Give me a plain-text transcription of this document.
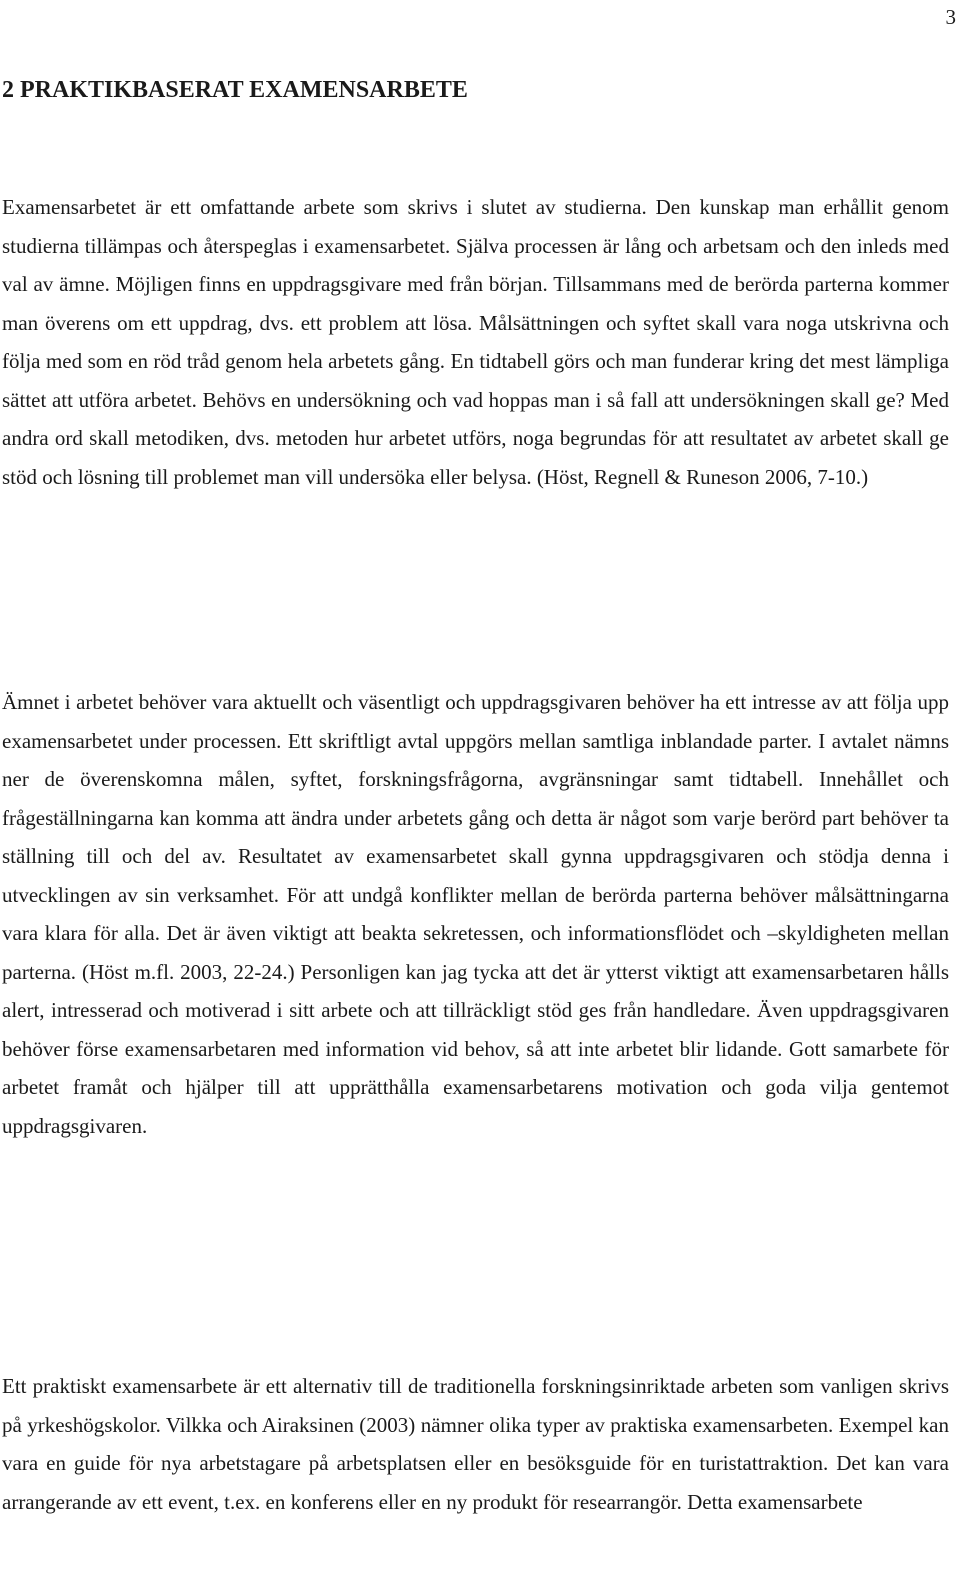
3
2 PRAKTIKBASERAT EXAMENSARBETE

Examensarbetet är ett omfattande arbete som skrivs i slutet av studierna. Den kunskap man erhållit genom studierna tillämpas och återspeglas i examensarbetet. Själva processen är lång och arbetsam och den inleds med val av ämne. Möjligen finns en uppdragsgivare med från början. Tillsammans med de berörda parterna kommer man överens om ett uppdrag, dvs. ett problem att lösa. Målsättningen och syftet skall vara noga utskrivna och följa med som en röd tråd genom hela arbetets gång. En tidtabell görs och man funderar kring det mest lämpliga sättet att utföra arbetet. Behövs en undersökning och vad hoppas man i så fall att undersökningen skall ge? Med andra ord skall metodiken, dvs. metoden hur arbetet utförs, noga begrundas för att resultatet av arbetet skall ge stöd och lösning till problemet man vill undersöka eller belysa. (Höst, Regnell & Runeson 2006, 7-10.)

Ämnet i arbetet behöver vara aktuellt och väsentligt och uppdragsgivaren behöver ha ett intresse av att följa upp examensarbetet under processen. Ett skriftligt avtal uppgörs mellan samtliga inblandade parter. I avtalet nämns ner de överenskomna målen, syftet, forskningsfrågorna, avgränsningar samt tidtabell. Innehållet och frågeställningarna kan komma att ändra under arbetets gång och detta är något som varje berörd part behöver ta ställning till och del av. Resultatet av examensarbetet skall gynna uppdragsgivaren och stödja denna i utvecklingen av sin verksamhet. För att undgå konflikter mellan de berörda parterna behöver målsättningarna vara klara för alla. Det är även viktigt att beakta sekretessen, och informationsflödet och –skyldigheten mellan parterna. (Höst m.fl. 2003, 22-24.) Personligen kan jag tycka att det är ytterst viktigt att examensarbetaren hålls alert, intresserad och motiverad i sitt arbete och att tillräckligt stöd ges från handledare. Även uppdragsgivaren behöver förse examensarbetaren med information vid behov, så att inte arbetet blir lidande. Gott samarbete för arbetet framåt och hjälper till att upprätthålla examensarbetarens motivation och goda vilja gentemot uppdragsgivaren.

Ett praktiskt examensarbete är ett alternativ till de traditionella forskningsinriktade arbeten som vanligen skrivs på yrkeshögskolor. Vilkka och Airaksinen (2003) nämner olika typer av praktiska examensarbeten. Exempel kan vara en guide för nya arbetstagare på arbetsplatsen eller en besöksguide för en turistattraktion. Det kan vara arrangerande av ett event, t.ex. en konferens eller en ny produkt för researrangör. Detta examensarbete
